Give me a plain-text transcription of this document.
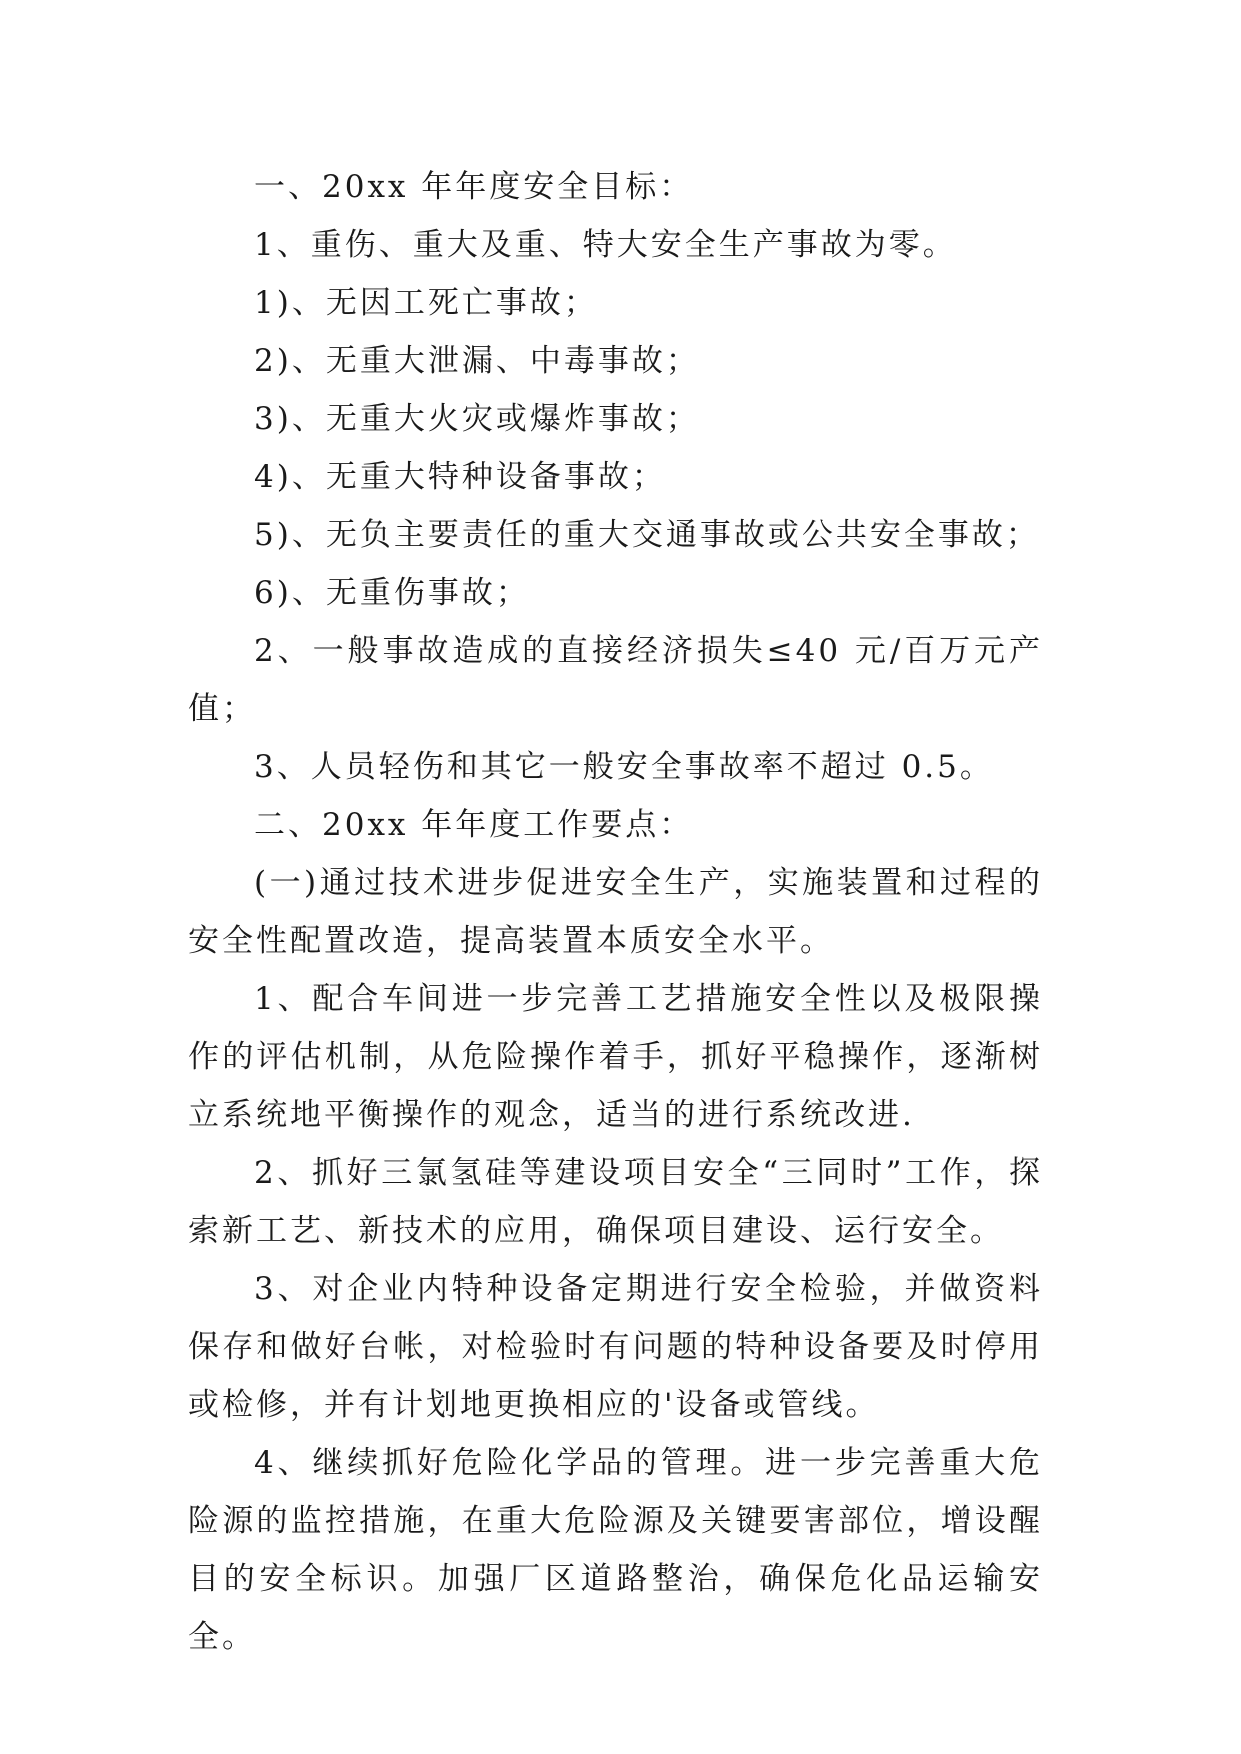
一、20xx 年年度安全目标：

1、重伤、重大及重、特大安全生产事故为零。

1)、无因工死亡事故；

2)、无重大泄漏、中毒事故；

3)、无重大火灾或爆炸事故；

4)、无重大特种设备事故；

5)、无负主要责任的重大交通事故或公共安全事故；

6)、无重伤事故；

2、一般事故造成的直接经济损失≤40 元/百万元产值；

3、人员轻伤和其它一般安全事故率不超过 0.5。

二、20xx 年年度工作要点：

(一)通过技术进步促进安全生产，实施装置和过程的安全性配置改造，提高装置本质安全水平。

1、配合车间进一步完善工艺措施安全性以及极限操作的评估机制，从危险操作着手，抓好平稳操作，逐渐树立系统地平衡操作的观念，适当的进行系统改进.

2、抓好三氯氢硅等建设项目安全“三同时”工作，探索新工艺、新技术的应用，确保项目建设、运行安全。

3、对企业内特种设备定期进行安全检验，并做资料保存和做好台帐，对检验时有问题的特种设备要及时停用或检修，并有计划地更换相应的'设备或管线。

4、继续抓好危险化学品的管理。进一步完善重大危险源的监控措施，在重大危险源及关键要害部位，增设醒目的安全标识。加强厂区道路整治，确保危化品运输安全。
